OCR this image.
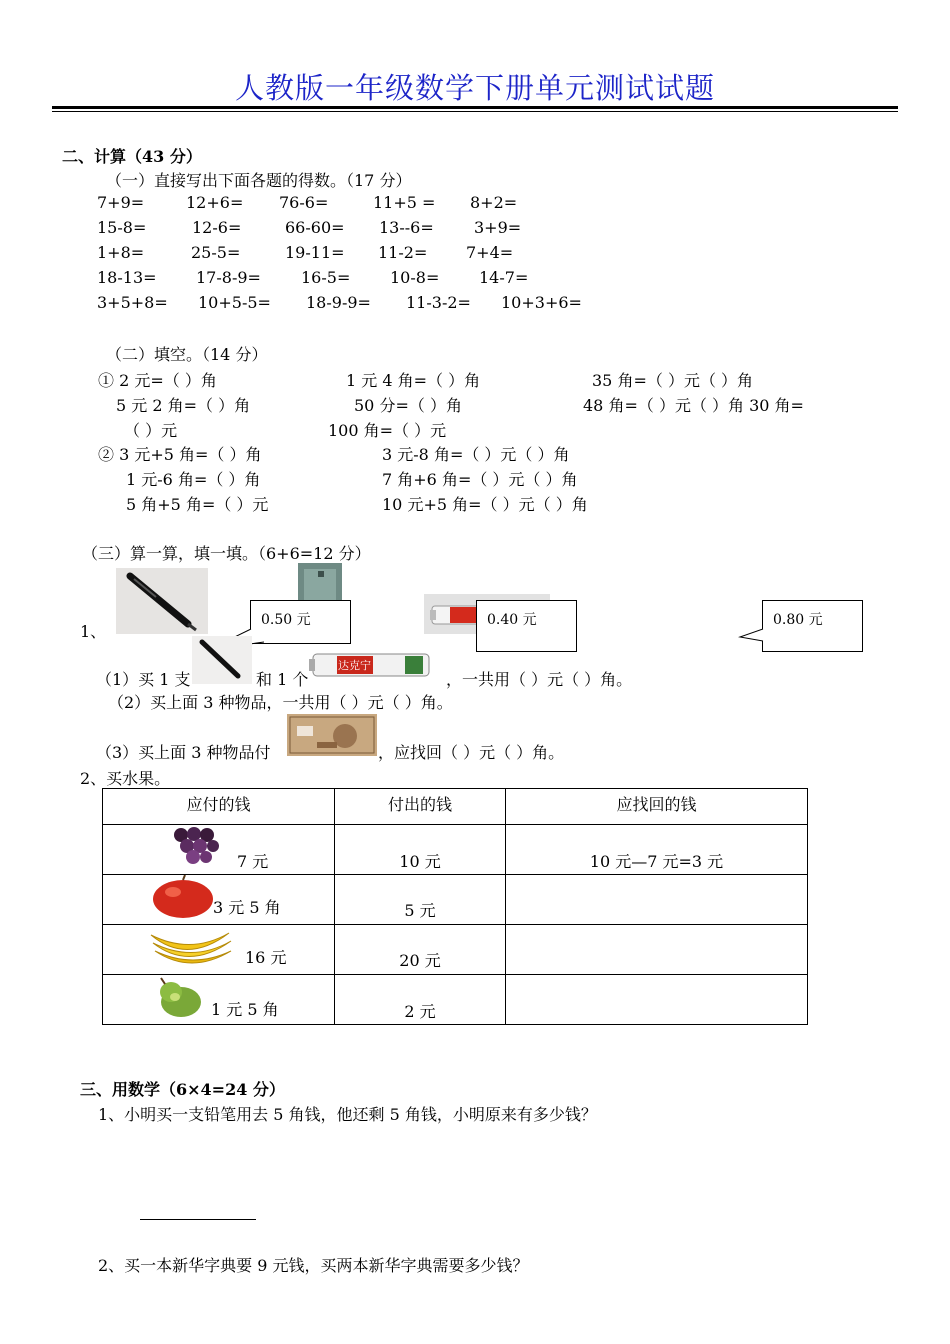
人教版一年级数学下册单元测试试题
二、计算（43 分）
（一）直接写出下面各题的得数。（17 分）
7+9=	12+6= 76-6=	11+5 = 8+2=
15-8=	12-6=	66-60= 13--6=	3+9=
1+8=	25-5=	19-11= 11-2= 7+4=
18-13= 17-8-9=	16-5= 10-8= 14-7=
3+5+8= 10+5-5= 18-9-9= 11-3-2= 10+3+6=
（二）填空。（14 分）
① 2 元=（ ）角	1 元 4 角=（ ）角	35 角=（ ）元（ ）角
5 元 2 角=（ ）角	50 分=（ ）角	48 角=（ ）元（ ）角 30 角=
（ ）元	100 角=（ ）元
② 3 元+5 角=（ ）角	3 元-8 角=（ ）元（ ）角
1 元-6 角=（ ）角	7 角+6 角=（ ）元（ ）角
5 角+5 角=（ ）元	10 元+5 角=（ ）元（ ）角
（三）算一算，填一填。（6+6=12 分）
1、
0.50 元	0.40 元	0.80 元
（1）买 1 支	和 1 个
达克宁
，一共用（ ）元（ ）角。
（2）买上面 3 种物品，一共用（ ）元（ ）角。
（3）买上面 3 种物品付	，应找回（ ）元（ ）角。
2、买水果。
应付的钱	付出的钱	应找回的钱

7 元	10 元	10 元—7 元=3 元

3 元 5 角	5 元	

16 元	20 元	

1 元 5 角	2 元	
三、用数学（6×4=24 分）
1、小明买一支铅笔用去 5 角钱，他还剩 5 角钱，小明原来有多少钱？
2、买一本新华字典要 9 元钱，买两本新华字典需要多少钱？
